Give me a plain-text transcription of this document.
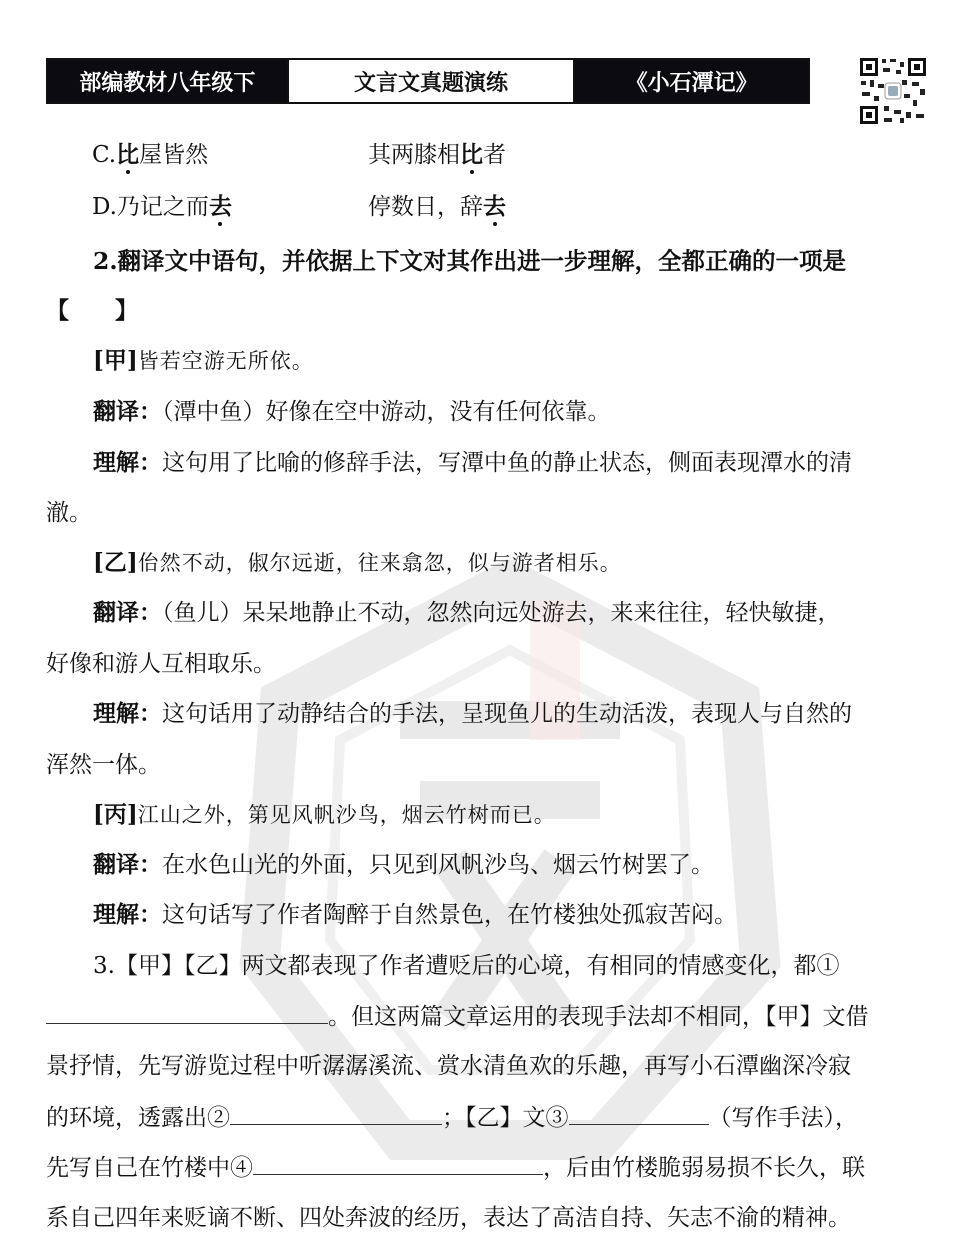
部编教材八年级下	文言文真题演练	《小石潭记》
C.比屋皆然	其两膝相比者
D.乃记之而去	停数日，辞去
2.翻译文中语句，并依据上下文对其作出进一步理解，全都正确的一项是
【　　】
[甲]皆若空游无所依。
翻译：（潭中鱼）好像在空中游动，没有任何依靠。
理解：这句用了比喻的修辞手法，写潭中鱼的静止状态，侧面表现潭水的清
澈。
[乙]佁然不动，俶尔远逝，往来翕忽，似与游者相乐。
翻译：（鱼儿）呆呆地静止不动，忽然向远处游去，来来往往，轻快敏捷，
好像和游人互相取乐。
理解：这句话用了动静结合的手法，呈现鱼儿的生动活泼，表现人与自然的
浑然一体。
[丙]江山之外，第见风帆沙鸟，烟云竹树而已。
翻译：在水色山光的外面，只见到风帆沙鸟、烟云竹树罢了。
理解：这句话写了作者陶醉于自然景色，在竹楼独处孤寂苦闷。
3.【甲】【乙】两文都表现了作者遭贬后的心境，有相同的情感变化，都①
。但这两篇文章运用的表现手法却不相同，【甲】文借
景抒情，先写游览过程中听潺潺溪流、赏水清鱼欢的乐趣，再写小石潭幽深冷寂
的环境，透露出②	；【乙】文③	（写作手法），
先写自己在竹楼中④	，后由竹楼脆弱易损不长久，联
系自己四年来贬谪不断、四处奔波的经历，表达了高洁自持、矢志不渝的精神。
